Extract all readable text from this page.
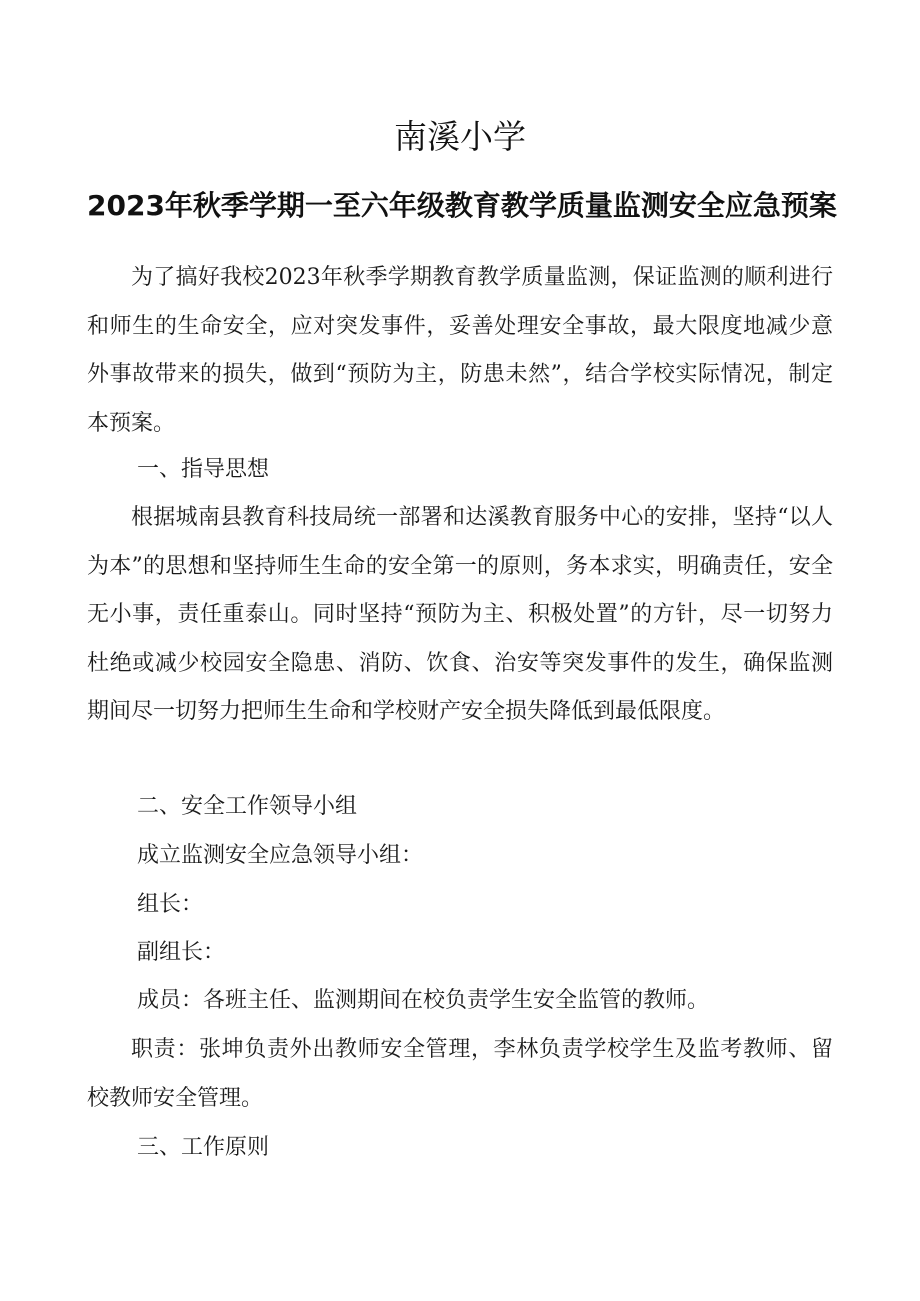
南溪小学
2023年秋季学期一至六年级教育教学质量监测安全应急预案

为了搞好我校2023年秋季学期教育教学质量监测，保证监测的顺利进行和师生的生命安全，应对突发事件，妥善处理安全事故，最大限度地减少意外事故带来的损失，做到“预防为主，防患未然”，结合学校实际情况，制定本预案。

一、指导思想

根据城南县教育科技局统一部署和达溪教育服务中心的安排，坚持“以人为本”的思想和坚持师生生命的安全第一的原则，务本求实，明确责任，安全无小事，责任重泰山。同时坚持“预防为主、积极处置”的方针，尽一切努力杜绝或减少校园安全隐患、消防、饮食、治安等突发事件的发生，确保监测期间尽一切努力把师生生命和学校财产安全损失降低到最低限度。

二、安全工作领导小组

成立监测安全应急领导小组：

组长：

副组长：

成员：各班主任、监测期间在校负责学生安全监管的教师。

职责：张坤负责外出教师安全管理，李林负责学校学生及监考教师、留校教师安全管理。

三、工作原则
